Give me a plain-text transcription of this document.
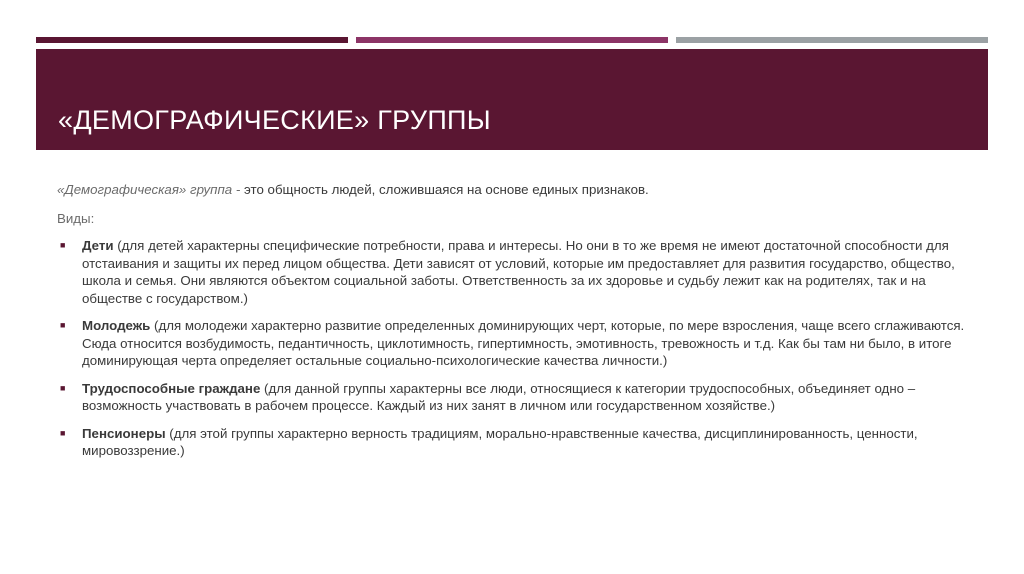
«ДЕМОГРАФИЧЕСКИЕ» ГРУППЫ

«Демографическая» группа - это общность людей, сложившаяся на основе единых признаков.

Виды:
■ Дети (для детей характерны специфические потребности, права и интересы. Но они в то же время не имеют достаточной способности для отстаивания и защиты их перед лицом общества. Дети зависят от условий, которые им предоставляет для развития государство, общество, школа и семья. Они являются объектом социальной заботы. Ответственность за их здоровье и судьбу лежит как на родителях, так и на обществе с государством.)
■ Молодежь (для молодежи характерно развитие определенных доминирующих черт, которые, по мере взросления, чаще всего сглаживаются. Сюда относится возбудимость, педантичность, циклотимность, гипертимность, эмотивность, тревожность и т.д. Как бы там ни было, в итоге доминирующая черта определяет остальные социально-психологические качества личности.)
■ Трудоспособные граждане (для данной группы характерны все люди, относящиеся к категории трудоспособных, объединяет одно – возможность участвовать в рабочем процессе. Каждый из них занят в личном или государственном хозяйстве.)
■ Пенсионеры (для этой группы характерно верность традициям, морально-нравственные качества, дисциплинированность, ценности, мировоззрение.)
